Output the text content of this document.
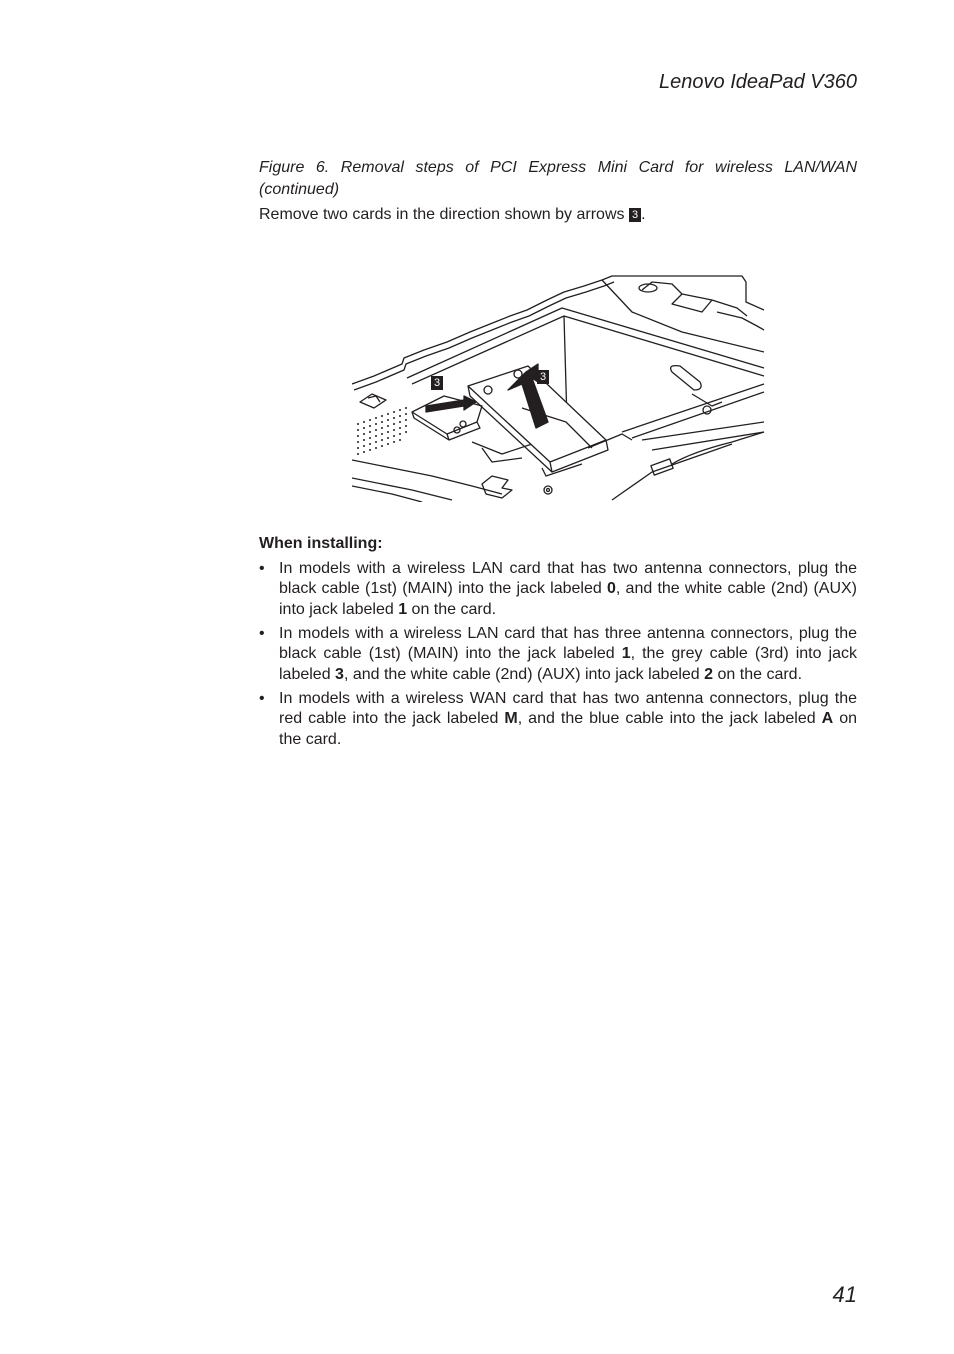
Lenovo IdeaPad V360
Figure 6. Removal steps of PCI Express Mini Card for wireless LAN/WAN (continued)
Remove two cards in the direction shown by arrows 3 .
3	3
When installing:
• In models with a wireless LAN card that has two antenna connectors, plug the black cable (1st) (MAIN) into the jack labeled 0, and the white cable (2nd) (AUX) into jack labeled 1 on the card.
• In models with a wireless LAN card that has three antenna connectors, plug the black cable (1st) (MAIN) into the jack labeled 1, the grey cable (3rd) into jack labeled 3, and the white cable (2nd) (AUX) into jack labeled 2 on the card.
• In models with a wireless WAN card that has two antenna connectors, plug the red cable into the jack labeled M, and the blue cable into the jack labeled A on the card.
41
